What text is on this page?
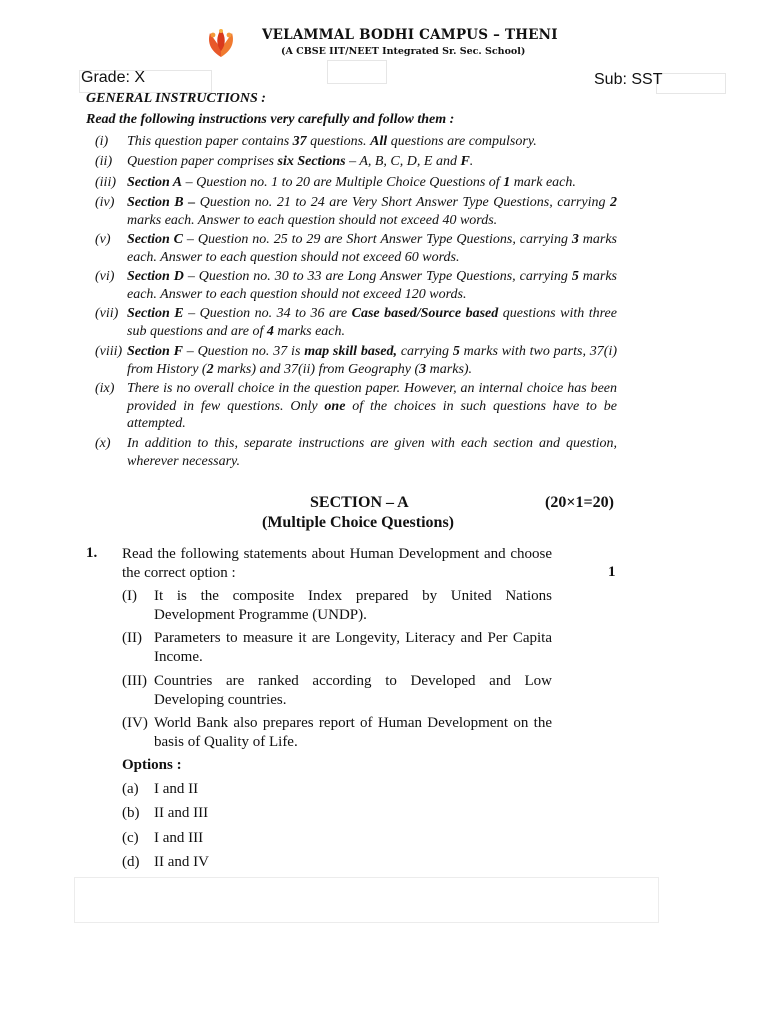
VELAMMAL BODHI CAMPUS – THENI
(A CBSE IIT/NEET Integrated Sr. Sec. School)
Grade: X	Sub: SST
GENERAL INSTRUCTIONS :
Read the following instructions very carefully and follow them :
(i) This question paper contains 37 questions. All questions are compulsory.
(ii) Question paper comprises six Sections – A, B, C, D, E and F.
(iii) Section A – Question no. 1 to 20 are Multiple Choice Questions of 1 mark each.
(iv) Section B – Question no. 21 to 24 are Very Short Answer Type Questions, carrying 2 marks each. Answer to each question should not exceed 40 words.
(v) Section C – Question no. 25 to 29 are Short Answer Type Questions, carrying 3 marks each. Answer to each question should not exceed 60 words.
(vi) Section D – Question no. 30 to 33 are Long Answer Type Questions, carrying 5 marks each. Answer to each question should not exceed 120 words.
(vii) Section E – Question no. 34 to 36 are Case based/Source based questions with three sub questions and are of 4 marks each.
(viii) Section F – Question no. 37 is map skill based, carrying 5 marks with two parts, 37(i) from History (2 marks) and 37(ii) from Geography (3 marks).
(ix) There is no overall choice in the question paper. However, an internal choice has been provided in few questions. Only one of the choices in such questions have to be attempted.
(x) In addition to this, separate instructions are given with each section and question, wherever necessary.
SECTION – A	(20×1=20)
(Multiple Choice Questions)
1. Read the following statements about Human Development and choose the correct option :	1
(I) It is the composite Index prepared by United Nations Development Programme (UNDP).
(II) Parameters to measure it are Longevity, Literacy and Per Capita Income.
(III) Countries are ranked according to Developed and Low Developing countries.
(IV) World Bank also prepares report of Human Development on the basis of Quality of Life.
Options :
(a) I and II
(b) II and III
(c) I and III
(d) II and IV
